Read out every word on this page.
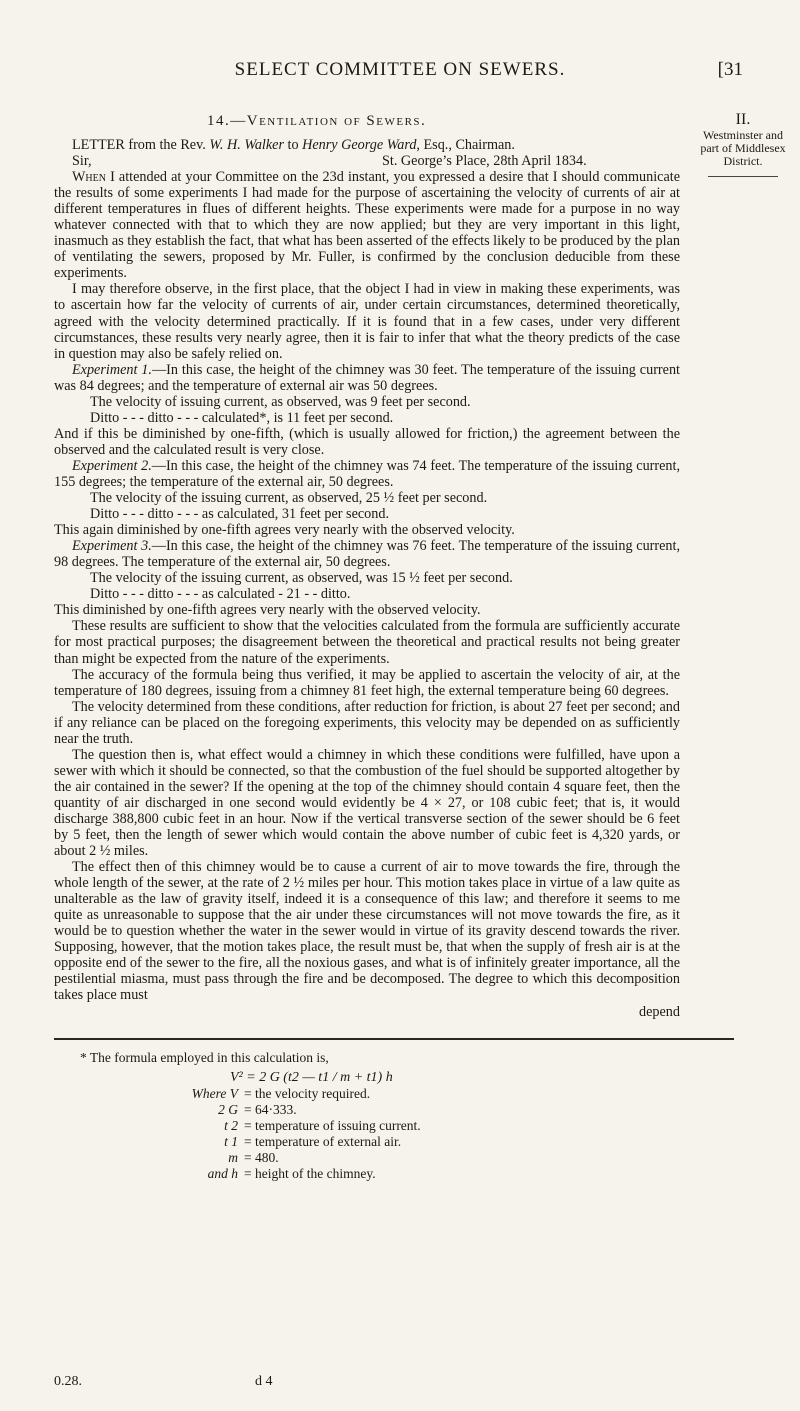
SELECT COMMITTEE ON SEWERS.	[31
14.—Ventilation of Sewers.	II.
Westminster and part of Middlesex District.

LETTER from the Rev. W. H. Walker to Henry George Ward, Esq., Chairman.

Sir,	St. George’s Place, 28th April 1834.

When I attended at your Committee on the 23d instant, you expressed a desire that I should communicate the results of some experiments I had made for the purpose of ascertaining the velocity of currents of air at different temperatures in flues of different heights. These experiments were made for a purpose in no way whatever connected with that to which they are now applied; but they are very important in this light, inasmuch as they establish the fact, that what has been asserted of the effects likely to be produced by the plan of ventilating the sewers, proposed by Mr. Fuller, is confirmed by the conclusion deducible from these experiments.

I may therefore observe, in the first place, that the object I had in view in making these experiments, was to ascertain how far the velocity of currents of air, under certain circumstances, determined theoretically, agreed with the velocity determined practically. If it is found that in a few cases, under very different circumstances, these results very nearly agree, then it is fair to infer that what the theory predicts of the case in question may also be safely relied on.

Experiment 1.—In this case, the height of the chimney was 30 feet. The temperature of the issuing current was 84 degrees; and the temperature of external air was 50 degrees.

The velocity of issuing current, as observed, was 9 feet per second.

Ditto - - - ditto - - - calculated*, is 11 feet per second.

And if this be diminished by one-fifth, (which is usually allowed for friction,) the agreement between the observed and the calculated result is very close.

Experiment 2.—In this case, the height of the chimney was 74 feet. The temperature of the issuing current, 155 degrees; the temperature of the external air, 50 degrees.

The velocity of the issuing current, as observed, 25 ½ feet per second.

Ditto - - - ditto - - - as calculated, 31 feet per second.

This again diminished by one-fifth agrees very nearly with the observed velocity.

Experiment 3.—In this case, the height of the chimney was 76 feet. The temperature of the issuing current, 98 degrees. The temperature of the external air, 50 degrees.

The velocity of the issuing current, as observed, was 15 ½ feet per second.

Ditto - - - ditto - - - as calculated - 21 - - ditto.

This diminished by one-fifth agrees very nearly with the observed velocity.

These results are sufficient to show that the velocities calculated from the formula are sufficiently accurate for most practical purposes; the disagreement between the theoretical and practical results not being greater than might be expected from the nature of the experiments.

The accuracy of the formula being thus verified, it may be applied to ascertain the velocity of air, at the temperature of 180 degrees, issuing from a chimney 81 feet high, the external temperature being 60 degrees.

The velocity determined from these conditions, after reduction for friction, is about 27 feet per second; and if any reliance can be placed on the foregoing experiments, this velocity may be depended on as sufficiently near the truth.

The question then is, what effect would a chimney in which these conditions were fulfilled, have upon a sewer with which it should be connected, so that the combustion of the fuel should be supported altogether by the air contained in the sewer? If the opening at the top of the chimney should contain 4 square feet, then the quantity of air discharged in one second would evidently be 4 × 27, or 108 cubic feet; that is, it would discharge 388,800 cubic feet in an hour. Now if the vertical transverse section of the sewer should be 6 feet by 5 feet, then the length of sewer which would contain the above number of cubic feet is 4,320 yards, or about 2 ½ miles.

The effect then of this chimney would be to cause a current of air to move towards the fire, through the whole length of the sewer, at the rate of 2 ½ miles per hour. This motion takes place in virtue of a law quite as unalterable as the law of gravity itself, indeed it is a consequence of this law; and therefore it seems to me quite as unreasonable to suppose that the air under these circumstances will not move towards the fire, as it would be to question whether the water in the sewer would in virtue of its gravity descend towards the river. Supposing, however, that the motion takes place, the result must be, that when the supply of fresh air is at the opposite end of the sewer to the fire, all the noxious gases, and what is of infinitely greater importance, all the pestilential miasma, must pass through the fire and be decomposed. The degree to which this decomposition takes place must

depend

* The formula employed in this calculation is,
V² = 2 G (t2 — t1 / m + t1) h
Where V = the velocity required.
2 G = 64·333.
t 2 = temperature of issuing current.
t 1 = temperature of external air.
m = 480.
and h = height of the chimney.
0.28.	d 4
